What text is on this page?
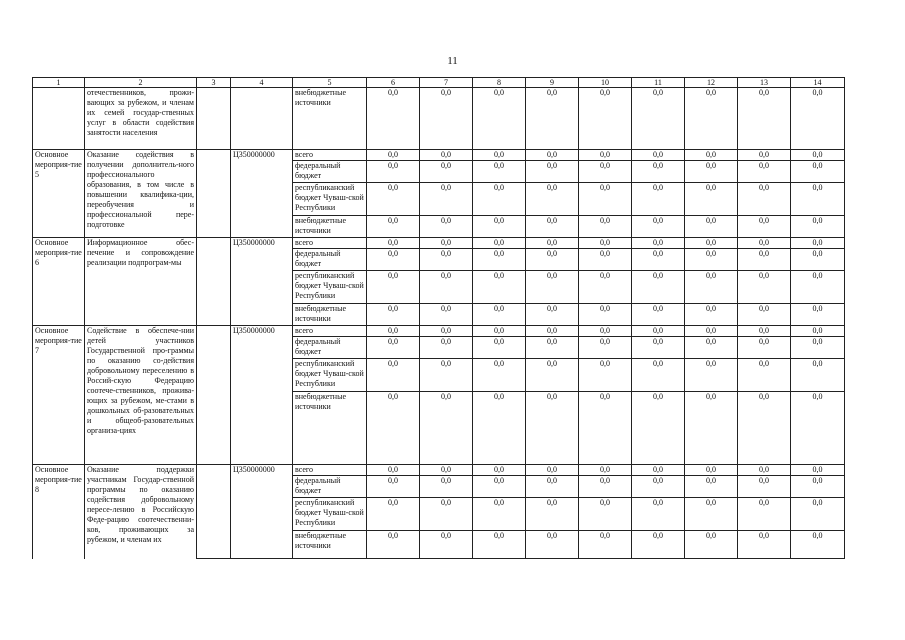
11
1	2	3	4	5	6	7	8	9	10	11	12	13	14
	отечественников, прожи-вающих за рубежом, и членам их семей государ-ственных услуг в области содействия занятости населения			внебюджетные источники	0,0	0,0	0,0	0,0	0,0	0,0	0,0	0,0	0,0
Основное мероприя-тие 5	Оказание содействия в получении дополнитель-ного профессионального образования, в том числе в повышении квалифика-ции, переобучения и профессиональной пере-подготовке		Ц350000000	всего	0,0	0,0	0,0	0,0	0,0	0,0	0,0	0,0	0,0
				федеральный бюджет	0,0	0,0	0,0	0,0	0,0	0,0	0,0	0,0	0,0
				республиканский бюджет Чуваш-ской Республики	0,0	0,0	0,0	0,0	0,0	0,0	0,0	0,0	0,0
				внебюджетные источники	0,0	0,0	0,0	0,0	0,0	0,0	0,0	0,0	0,0
Основное мероприя-тие 6	Информационное обес-печение и сопровождение реализации подпрограм-мы		Ц350000000	всего	0,0	0,0	0,0	0,0	0,0	0,0	0,0	0,0	0,0
				федеральный бюджет	0,0	0,0	0,0	0,0	0,0	0,0	0,0	0,0	0,0
				республиканский бюджет Чуваш-ской Республики	0,0	0,0	0,0	0,0	0,0	0,0	0,0	0,0	0,0
				внебюджетные источники	0,0	0,0	0,0	0,0	0,0	0,0	0,0	0,0	0,0
Основное мероприя-тие 7	Содействие в обеспече-нии детей участников Государственной про-граммы по оказанию со-действия добровольному переселению в Россий-скую Федерацию соотече-ственников, прожива-ющих за рубежом, ме-стами в дошкольных об-разовательных и общеоб-разовательных организа-циях		Ц350000000	всего	0,0	0,0	0,0	0,0	0,0	0,0	0,0	0,0	0,0
				федеральный бюджет	0,0	0,0	0,0	0,0	0,0	0,0	0,0	0,0	0,0
				республиканский бюджет Чуваш-ской Республики	0,0	0,0	0,0	0,0	0,0	0,0	0,0	0,0	0,0
				внебюджетные источники	0,0	0,0	0,0	0,0	0,0	0,0	0,0	0,0	0,0
Основное мероприя-тие 8	Оказание поддержки участникам Государ-ственной программы по оказанию содействия добровольному пересе-лению в Российскую Феде-рацию соотечественни-ков, проживающих за рубежом, и членам их		Ц350000000	всего	0,0	0,0	0,0	0,0	0,0	0,0	0,0	0,0	0,0
				федеральный бюджет	0,0	0,0	0,0	0,0	0,0	0,0	0,0	0,0	0,0
				республиканский бюджет Чуваш-ской Республики	0,0	0,0	0,0	0,0	0,0	0,0	0,0	0,0	0,0
				внебюджетные источники	0,0	0,0	0,0	0,0	0,0	0,0	0,0	0,0	0,0
